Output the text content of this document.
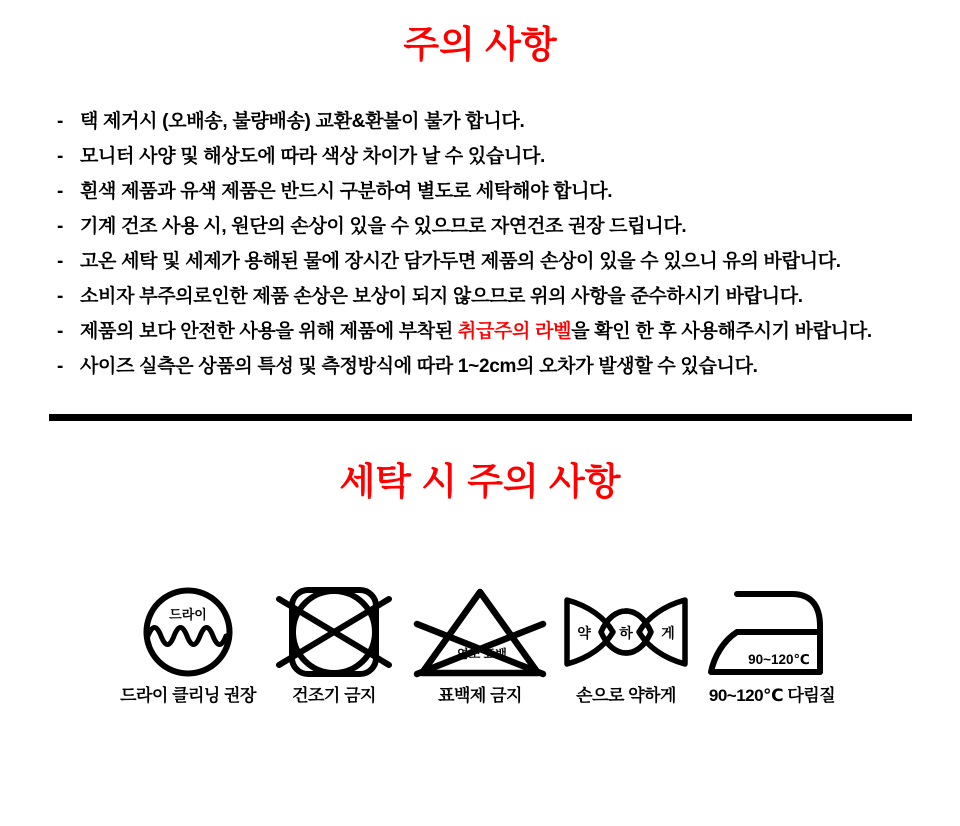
주의 사항
- 택 제거시 (오배송, 불량배송) 교환&환불이 불가 합니다.
- 모니터 사양 및 해상도에 따라 색상 차이가 날 수 있습니다.
- 흰색 제품과 유색 제품은 반드시 구분하여 별도로 세탁해야 합니다.
- 기계 건조 사용 시, 원단의 손상이 있을 수 있으므로 자연건조 권장 드립니다.
- 고온 세탁 및 세제가 용해된 물에 장시간 담가두면 제품의 손상이 있을 수 있으니 유의 바랍니다.
- 소비자 부주의로인한 제품 손상은 보상이 되지 않으므로 위의 사항을 준수하시기 바랍니다.
- 제품의 보다 안전한 사용을 위해 제품에 부착된 취급주의 라벨을 확인 한 후 사용해주시기 바랍니다.
- 사이즈 실측은 상품의 특성 및 측정방식에 따라 1~2cm의 오차가 발생할 수 있습니다.
세탁 시 주의 사항
드라이
드라이 클리닝 권장 건조기 금지
염소 표백
표백제 금지
약 하 게
손으로 약하게
90~120℃
90~120℃ 다림질
